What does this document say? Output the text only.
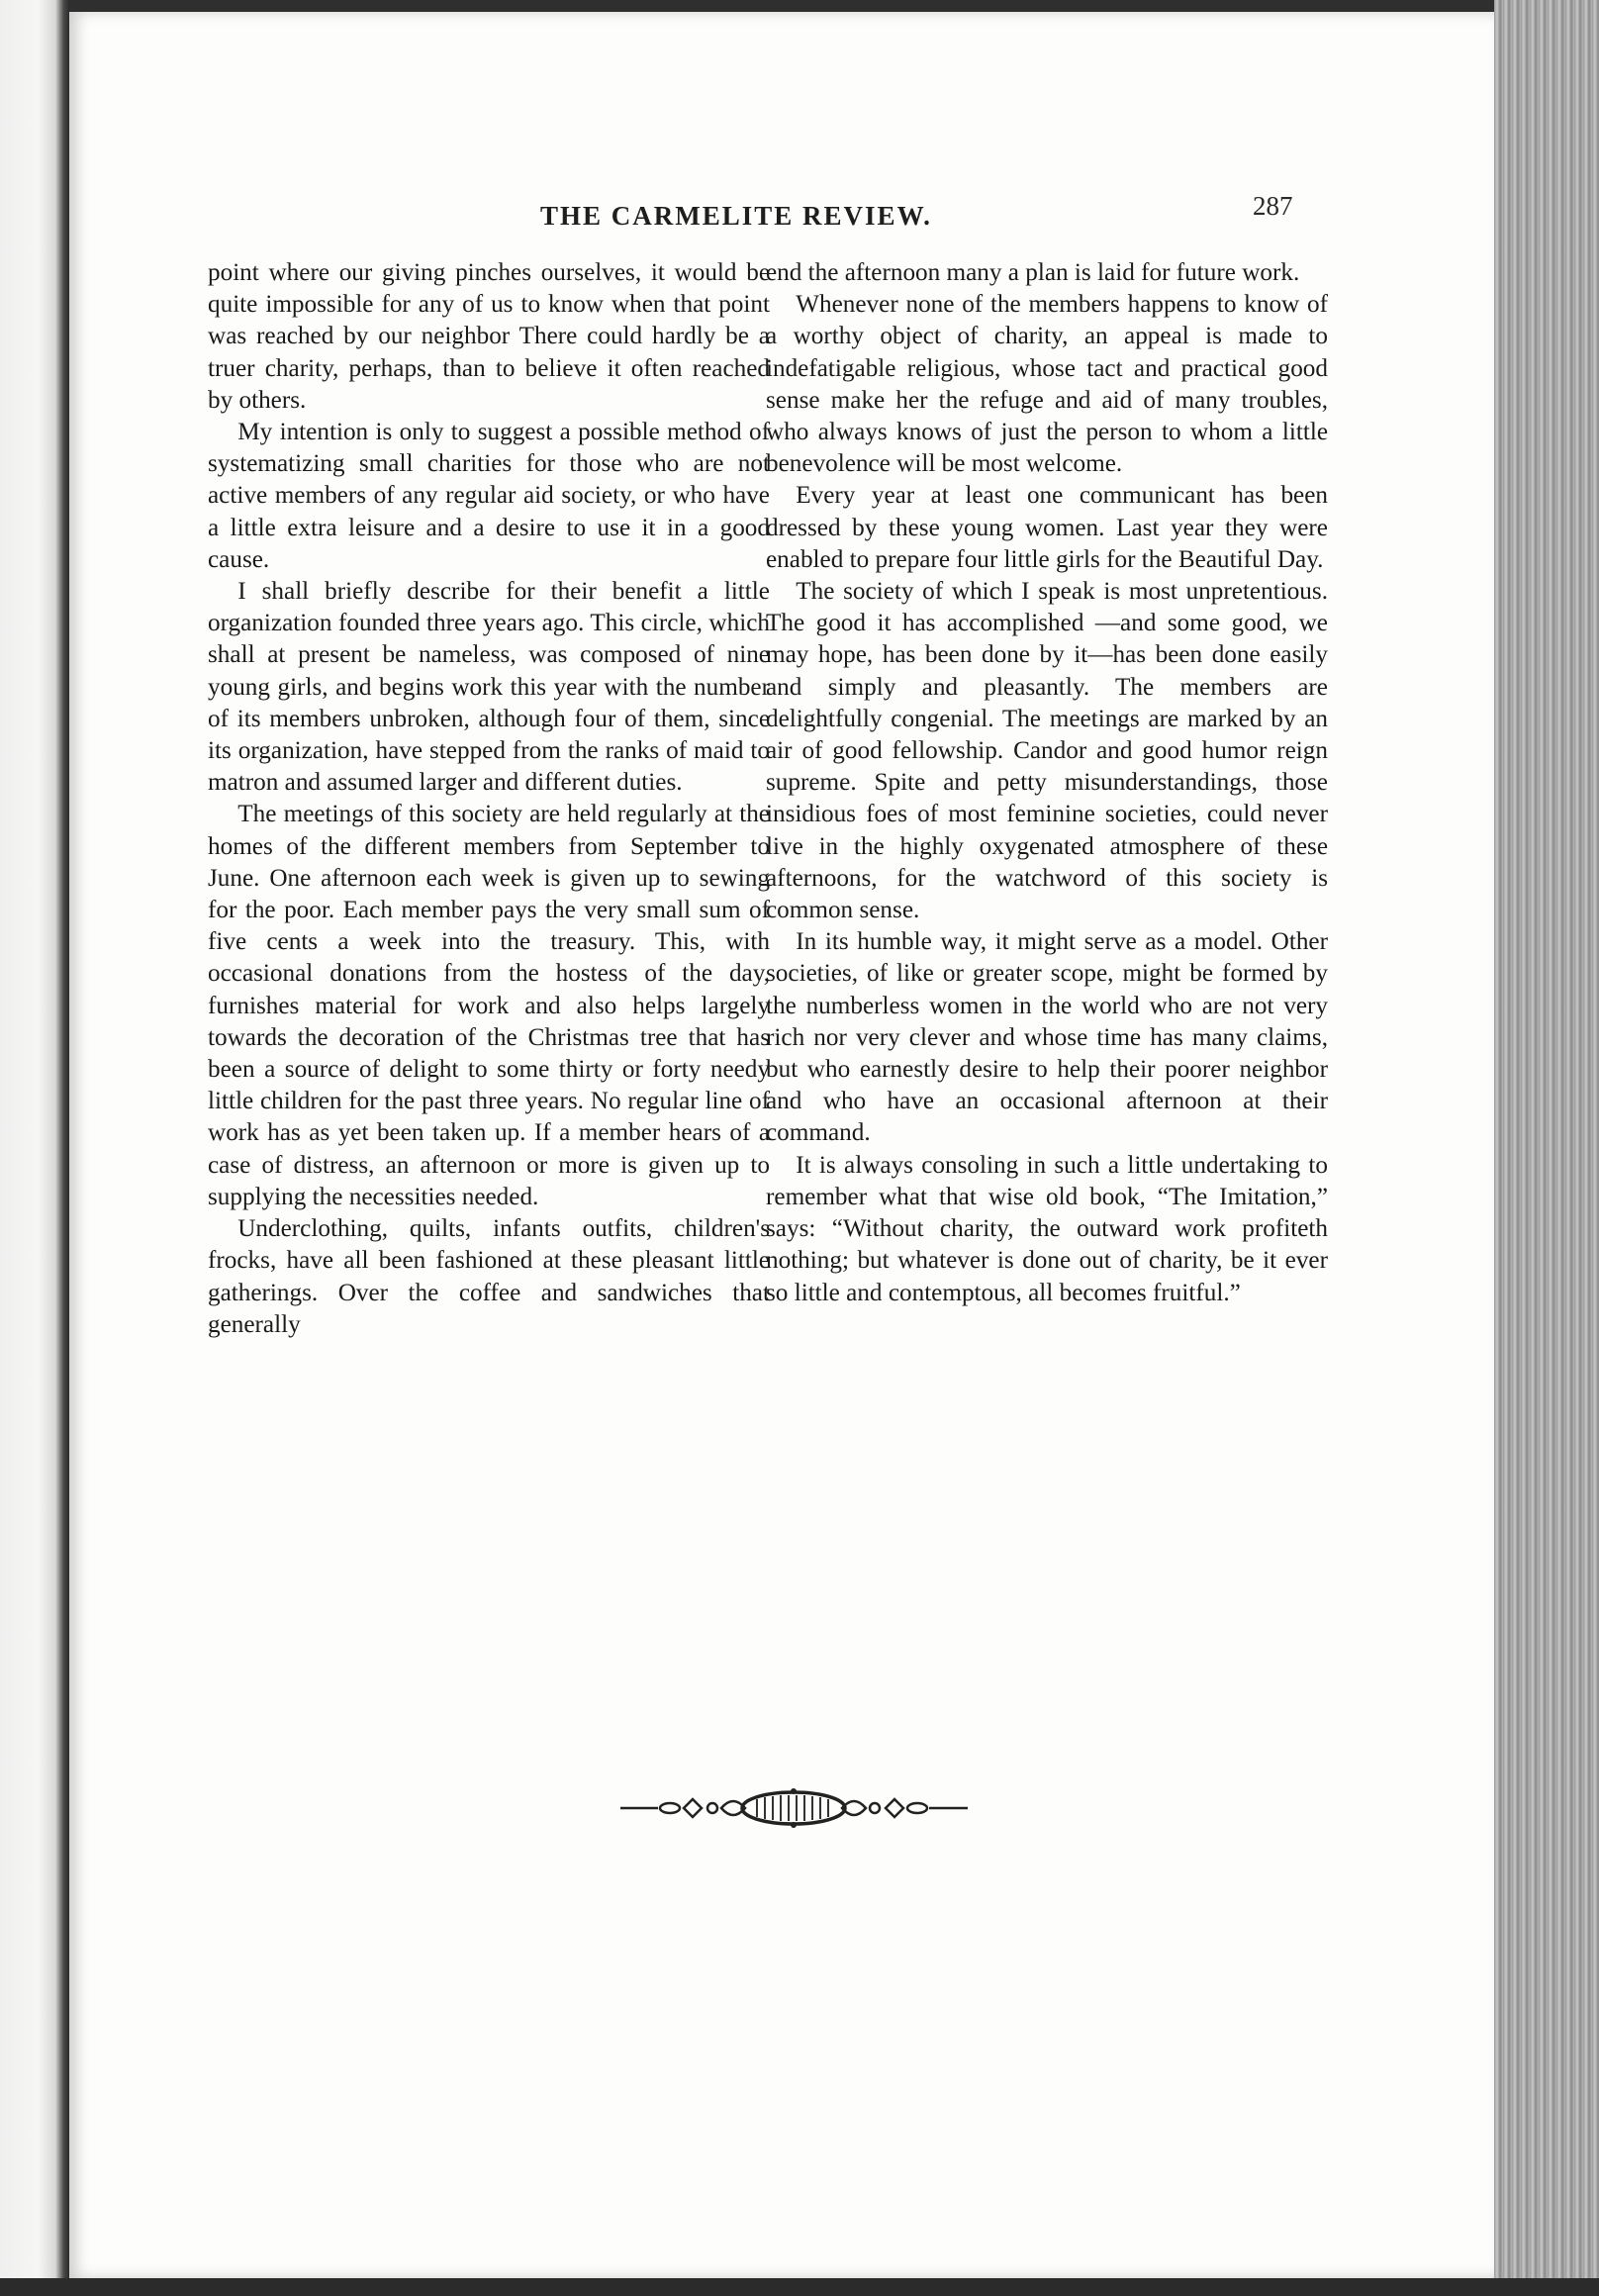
THE CARMELITE REVIEW.	287

point where our giving pinches ourselves, it would be quite impossible for any of us to know when that point was reached by our neighbor There could hardly be a truer charity, perhaps, than to believe it often reached by others.

My intention is only to suggest a possible method of systematizing small charities for those who are not active members of any regular aid society, or who have a little extra leisure and a desire to use it in a good cause.

I shall briefly describe for their benefit a little organization founded three years ago. This circle, which shall at present be nameless, was composed of nine young girls, and begins work this year with the number of its members unbroken, although four of them, since its organization, have stepped from the ranks of maid to matron and assumed larger and different duties.

The meetings of this society are held regularly at the homes of the different members from September to June. One afternoon each week is given up to sewing for the poor. Each member pays the very small sum of five cents a week into the treasury. This, with occasional donations from the hostess of the day, furnishes material for work and also helps largely towards the decoration of the Christmas tree that has been a source of delight to some thirty or forty needy little children for the past three years. No regular line of work has as yet been taken up. If a member hears of a case of distress, an afternoon or more is given up to supplying the necessities needed.

Underclothing, quilts, infants outfits, children's frocks, have all been fashioned at these pleasant little gatherings. Over the coffee and sandwiches that generally

end the afternoon many a plan is laid for future work.

Whenever none of the members happens to know of a worthy object of charity, an appeal is made to indefatigable religious, whose tact and practical good sense make her the refuge and aid of many troubles, who always knows of just the person to whom a little benevolence will be most welcome.

Every year at least one communicant has been dressed by these young women. Last year they were enabled to prepare four little girls for the Beautiful Day.

The society of which I speak is most unpretentious. The good it has accomplished —and some good, we may hope, has been done by it—has been done easily and simply and pleasantly. The members are delightfully congenial. The meetings are marked by an air of good fellowship. Candor and good humor reign supreme. Spite and petty misunderstandings, those insidious foes of most feminine societies, could never live in the highly oxygenated atmosphere of these afternoons, for the watchword of this society is common sense.

In its humble way, it might serve as a model. Other societies, of like or greater scope, might be formed by the numberless women in the world who are not very rich nor very clever and whose time has many claims, but who earnestly desire to help their poorer neighbor and who have an occasional afternoon at their command.

It is always consoling in such a little undertaking to remember what that wise old book, “The Imitation,” says: “Without charity, the outward work profiteth nothing; but whatever is done out of charity, be it ever so little and contemptous, all becomes fruitful.”
